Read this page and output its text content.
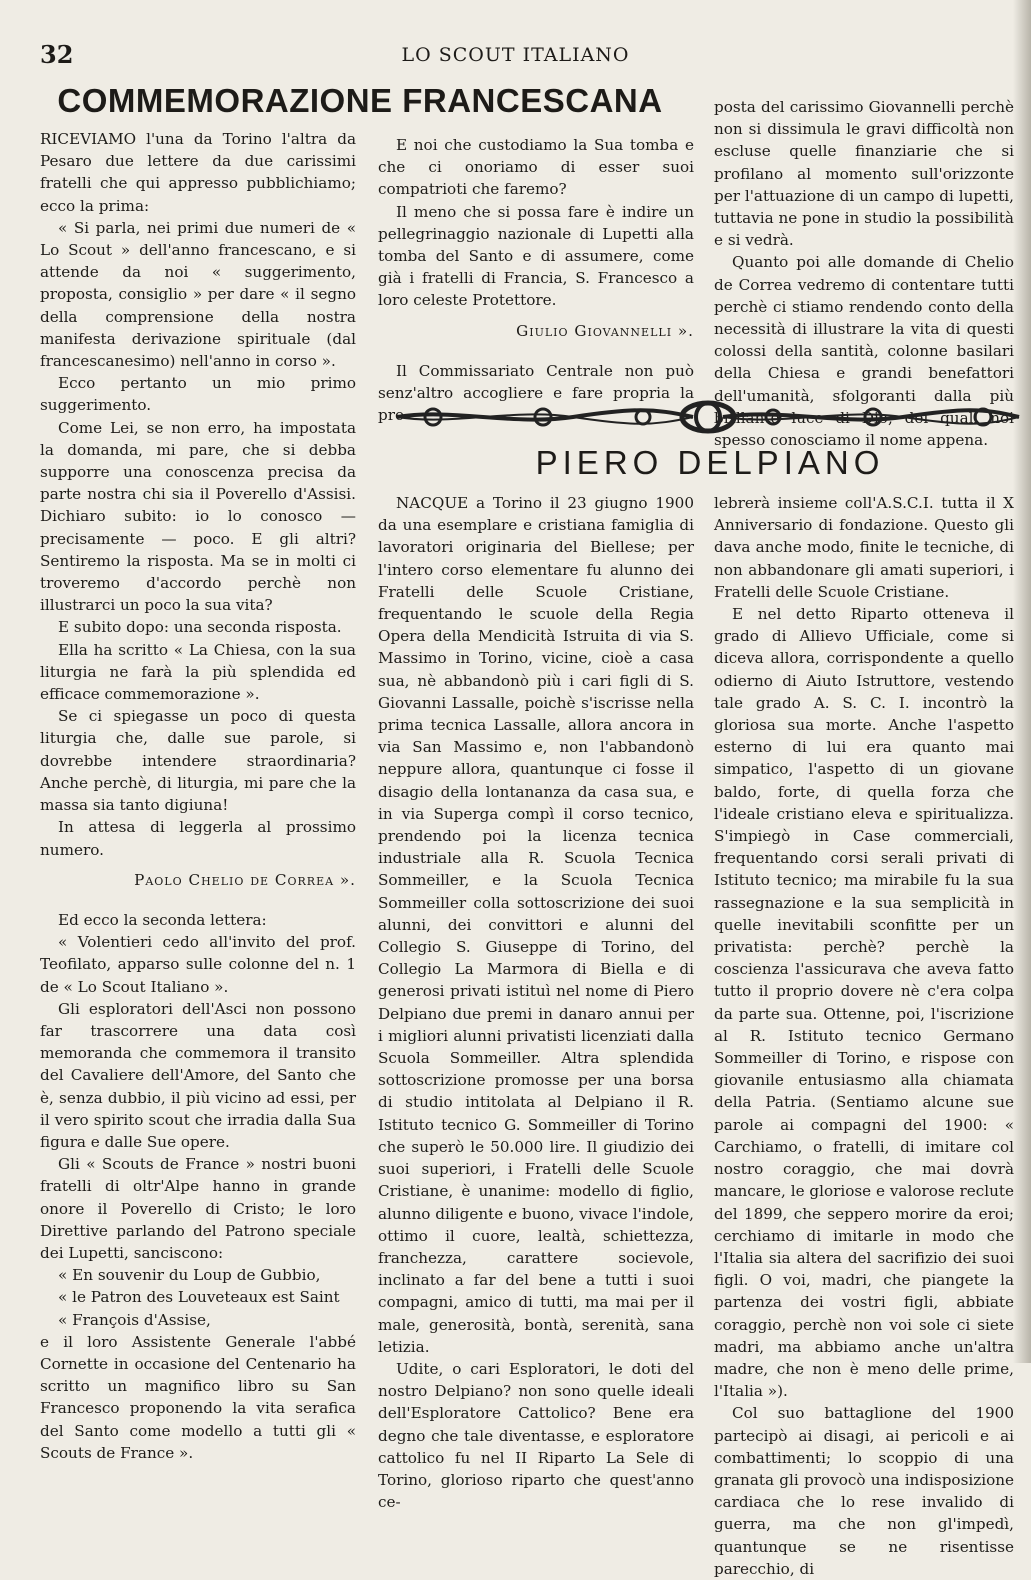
32	LO SCOUT ITALIANO
COMMEMORAZIONE FRANCESCANA

RICEVIAMO l'una da Torino l'altra da Pesaro due lettere da due carissimi fratelli che qui appresso pubblichiamo; ecco la prima:

« Si parla, nei primi due numeri de « Lo Scout » dell'anno francescano, e si attende da noi « suggerimento, proposta, consiglio » per dare « il segno della comprensione della nostra manifesta derivazione spirituale (dal francescanesimo) nell'anno in corso ».

Ecco pertanto un mio primo suggerimento.

Come Lei, se non erro, ha impostata la domanda, mi pare, che si debba supporre una conoscenza precisa da parte nostra chi sia il Poverello d'Assisi. Dichiaro subito: io lo conosco — precisamente — poco. E gli altri? Sentiremo la risposta. Ma se in molti ci troveremo d'accordo perchè non illustrarci un poco la sua vita?

E subito dopo: una seconda risposta.

Ella ha scritto « La Chiesa, con la sua liturgia ne farà la più splendida ed efficace commemorazione ».

Se ci spiegasse un poco di questa liturgia che, dalle sue parole, si dovrebbe intendere straordinaria? Anche perchè, di liturgia, mi pare che la massa sia tanto digiuna!

In attesa di leggerla al prossimo numero.

Paolo Chelio de Correa ».

Ed ecco la seconda lettera:

« Volentieri cedo all'invito del prof. Teofilato, apparso sulle colonne del n. 1 de « Lo Scout Italiano ».

Gli esploratori dell'Asci non possono far trascorrere una data così memoranda che commemora il transito del Cavaliere dell'Amore, del Santo che è, senza dubbio, il più vicino ad essi, per il vero spirito scout che irradia dalla Sua figura e dalle Sue opere.

Gli « Scouts de France » nostri buoni fratelli di oltr'Alpe hanno in grande onore il Poverello di Cristo; le loro Direttive parlando del Patrono speciale dei Lupetti, sanciscono:

« En souvenir du Loup de Gubbio,

« le Patron des Louveteaux est Saint

« François d'Assise,

e il loro Assistente Generale l'abbé Cornette in occasione del Centenario ha scritto un magnifico libro su San Francesco proponendo la vita serafica del Santo come modello a tutti gli « Scouts de France ».

E noi che custodiamo la Sua tomba e che ci onoriamo di esser suoi compatrioti che faremo?

Il meno che si possa fare è indire un pellegrinaggio nazionale di Lupetti alla tomba del Santo e di assumere, come già i fratelli di Francia, S. Francesco a loro celeste Protettore.

Giulio Giovannelli ».

Il Commissariato Centrale non può senz'altro accogliere e fare propria la pro-

posta del carissimo Giovannelli perchè non si dissimula le gravi difficoltà non escluse quelle finanziarie che si profilano al momento sull'orizzonte per l'attuazione di un campo di lupetti, tuttavia ne pone in studio la possibilità e si vedrà.

Quanto poi alle domande di Chelio de Correa vedremo di contentare tutti perchè ci stiamo rendendo conto della necessità di illustrare la vita di questi colossi della santità, colonne basilari della Chiesa e grandi benefattori dell'umanità, sfolgoranti dalla più brillante luce di Dio, dei quali noi spesso conosciamo il nome appena.

PIERO DELPIANO

NACQUE a Torino il 23 giugno 1900 da una esemplare e cristiana famiglia di lavoratori originaria del Biellese; per l'intero corso elementare fu alunno dei Fratelli delle Scuole Cristiane, frequentando le scuole della Regia Opera della Mendicità Istruita di via S. Massimo in Torino, vicine, cioè a casa sua, nè abbandonò più i cari figli di S. Giovanni Lassalle, poichè s'iscrisse nella prima tecnica Lassalle, allora ancora in via San Massimo e, non l'abbandonò neppure allora, quantunque ci fosse il disagio della lontananza da casa sua, e in via Superga compì il corso tecnico, prendendo poi la licenza tecnica industriale alla R. Scuola Tecnica Sommeiller, e la Scuola Tecnica Sommeiller colla sottoscrizione dei suoi alunni, dei convittori e alunni del Collegio S. Giuseppe di Torino, del Collegio La Marmora di Biella e di generosi privati istituì nel nome di Piero Delpiano due premi in danaro annui per i migliori alunni privatisti licenziati dalla Scuola Sommeiller. Altra splendida sottoscrizione promosse per una borsa di studio intitolata al Delpiano il R. Istituto tecnico G. Sommeiller di Torino che superò le 50.000 lire. Il giudizio dei suoi superiori, i Fratelli delle Scuole Cristiane, è unanime: modello di figlio, alunno diligente e buono, vivace l'indole, ottimo il cuore, lealtà, schiettezza, franchezza, carattere socievole, inclinato a far del bene a tutti i suoi compagni, amico di tutti, ma mai per il male, generosità, bontà, serenità, sana letizia.

Udite, o cari Esploratori, le doti del nostro Delpiano? non sono quelle ideali dell'Esploratore Cattolico? Bene era degno che tale diventasse, e esploratore cattolico fu nel II Riparto La Sele di Torino, glorioso riparto che quest'anno ce-

lebrerà insieme coll'A.S.C.I. tutta il X Anniversario di fondazione. Questo gli dava anche modo, finite le tecniche, di non abbandonare gli amati superiori, i Fratelli delle Scuole Cristiane.

E nel detto Riparto otteneva il grado di Allievo Ufficiale, come si diceva allora, corrispondente a quello odierno di Aiuto Istruttore, vestendo tale grado A. S. C. I. incontrò la gloriosa sua morte. Anche l'aspetto esterno di lui era quanto mai simpatico, l'aspetto di un giovane baldo, forte, di quella forza che l'ideale cristiano eleva e spiritualizza. S'impiegò in Case commerciali, frequentando corsi serali privati di Istituto tecnico; ma mirabile fu la sua rassegnazione e la sua semplicità in quelle inevitabili sconfitte per un privatista: perchè? perchè la coscienza l'assicurava che aveva fatto tutto il proprio dovere nè c'era colpa da parte sua. Ottenne, poi, l'iscrizione al R. Istituto tecnico Germano Sommeiller di Torino, e rispose con giovanile entusiasmo alla chiamata della Patria. (Sentiamo alcune sue parole ai compagni del 1900: « Carchiamo, o fratelli, di imitare col nostro coraggio, che mai dovrà mancare, le gloriose e valorose reclute del 1899, che seppero morire da eroi; cerchiamo di imitarle in modo che l'Italia sia altera del sacrifizio dei suoi figli. O voi, madri, che piangete la partenza dei vostri figli, abbiate coraggio, perchè non voi sole ci siete madri, ma abbiamo anche un'altra madre, che non è meno delle prime, l'Italia »).

Col suo battaglione del 1900 partecipò ai disagi, ai pericoli e ai combattimenti; lo scoppio di una granata gli provocò una indisposizione cardiaca che lo rese invalido di guerra, ma che non gl'impedì, quantunque se ne risentisse parecchio, di
